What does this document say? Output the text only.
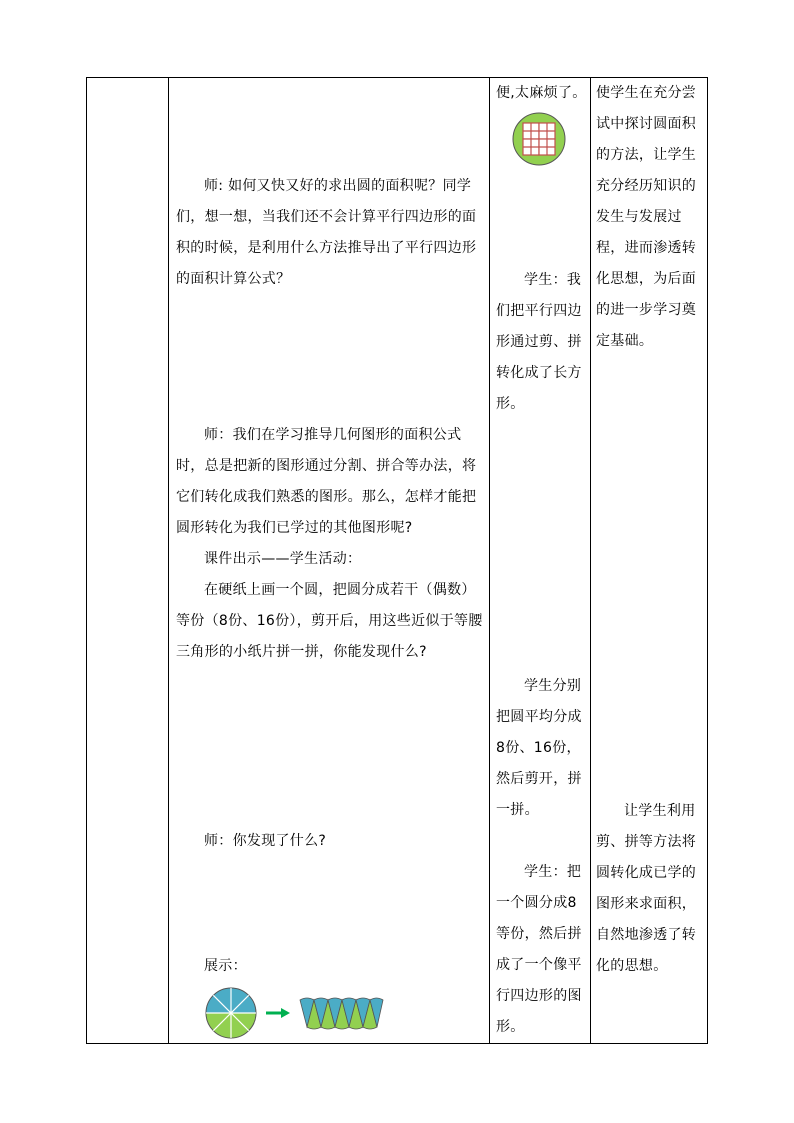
师: 如何又快又好的求出圆的面积呢？同学们，想一想，当我们还不会计算平行四边形的面积的时候，是利用什么方法推导出了平行四边形的面积计算公式？
师：我们在学习推导几何图形的面积公式时，总是把新的图形通过分割、拼合等办法，将它们转化成我们熟悉的图形。那么，怎样才能把圆形转化为我们已学过的其他图形呢?
课件出示——学生活动：
在硬纸上画一个圆，把圆分成若干（偶数）等份（8份、16份），剪开后，用这些近似于等腰三角形的小纸片拼一拼，你能发现什么?
师：你发现了什么?
展示：
便,太麻烦了。
学生：我们把平行四边形通过剪、拼转化成了长方形。
学生分别把圆平均分成8份、16份，然后剪开，拼一拼。
学生：把一个圆分成8等份，然后拼成了一个像平行四边形的图形。
使学生在充分尝试中探讨圆面积的方法，让学生充分经历知识的发生与发展过程，进而渗透转化思想，为后面的进一步学习奠定基础。
让学生利用剪、拼等方法将圆转化成已学的图形来求面积，自然地渗透了转化的思想。
